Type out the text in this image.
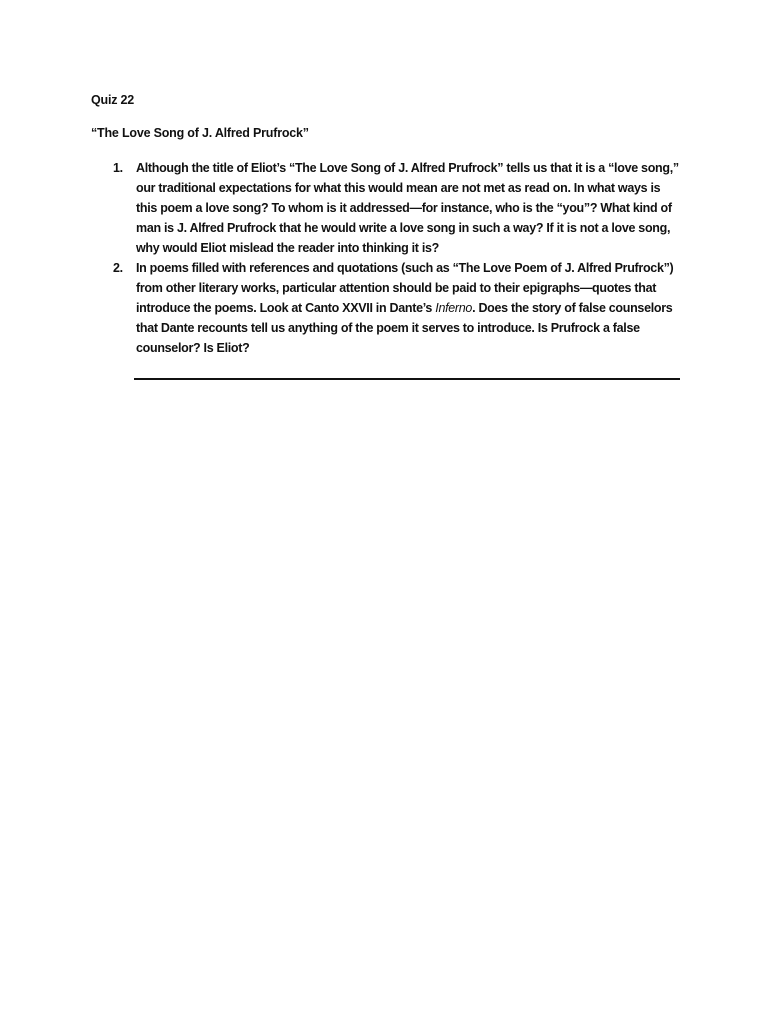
Quiz 22
“The Love Song of J. Alfred Prufrock”
1. Although the title of Eliot’s “The Love Song of J. Alfred Prufrock” tells us that it is a “love song,”
our traditional expectations for what this would mean are not met as read on. In what ways is
this poem a love song? To whom is it addressed—for instance, who is the “you”? What kind of
man is J. Alfred Prufrock that he would write a love song in such a way? If it is not a love song,
why would Eliot mislead the reader into thinking it is?
2. In poems filled with references and quotations (such as “The Love Poem of J. Alfred Prufrock”)
from other literary works, particular attention should be paid to their epigraphs—quotes that
introduce the poems. Look at Canto XXVII in Dante’s Inferno. Does the story of false counselors
that Dante recounts tell us anything of the poem it serves to introduce. Is Prufrock a false
counselor? Is Eliot?
